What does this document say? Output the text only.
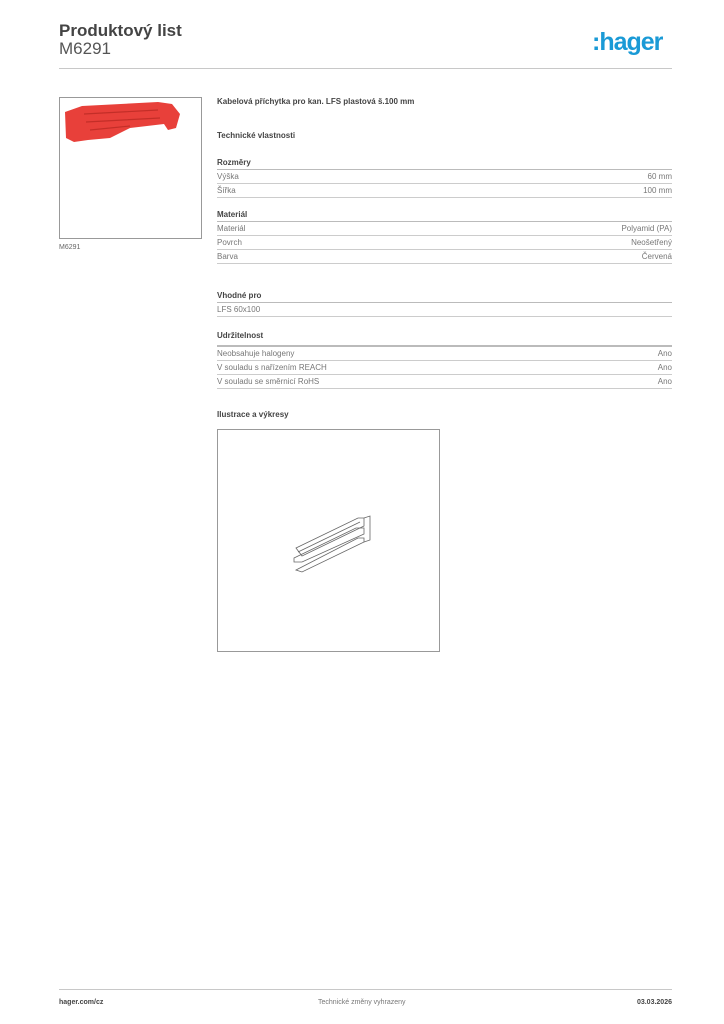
Produktový list
M6291	:hager
M6291
Kabelová příchytka pro kan. LFS plastová š.100 mm
Technické vlastnosti
Rozměry
Výška	60 mm
Šířka	100 mm
Materiál
Materiál	Polyamid (PA)
Povrch	Neošetřený
Barva	Červená
Vhodné pro
LFS 60x100
Udržitelnost
Neobsahuje halogeny	Ano
V souladu s nařízením REACH	Ano
V souladu se směrnicí RoHS	Ano
Ilustrace a výkresy
hager.com/cz	Technické změny vyhrazeny	03.03.2026
